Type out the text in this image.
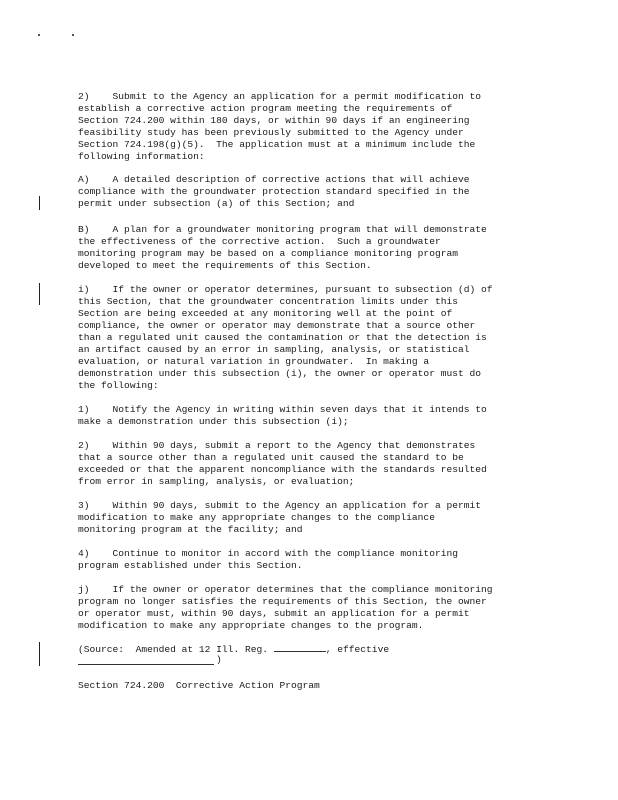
2)    Submit to the Agency an application for a permit modification to
establish a corrective action program meeting the requirements of
Section 724.200 within 180 days, or within 90 days if an engineering
feasibility study has been previously submitted to the Agency under
Section 724.198(g)(5).  The application must at a minimum include the
following information:
A)    A detailed description of corrective actions that will achieve
compliance with the groundwater protection standard specified in the
permit under subsection (a) of this Section; and
B)    A plan for a groundwater monitoring program that will demonstrate
the effectiveness of the corrective action.  Such a groundwater
monitoring program may be based on a compliance monitoring program
developed to meet the requirements of this Section.
i)    If the owner or operator determines, pursuant to subsection (d) of
this Section, that the groundwater concentration limits under this
Section are being exceeded at any monitoring well at the point of
compliance, the owner or operator may demonstrate that a source other
than a regulated unit caused the contamination or that the detection is
an artifact caused by an error in sampling, analysis, or statistical
evaluation, or natural variation in groundwater.  In making a
demonstration under this subsection (i), the owner or operator must do
the following:
1)    Notify the Agency in writing within seven days that it intends to
make a demonstration under this subsection (i);
2)    Within 90 days, submit a report to the Agency that demonstrates
that a source other than a regulated unit caused the standard to be
exceeded or that the apparent noncompliance with the standards resulted
from error in sampling, analysis, or evaluation;
3)    Within 90 days, submit to the Agency an application for a permit
modification to make any appropriate changes to the compliance
monitoring program at the facility; and
4)    Continue to monitor in accord with the compliance monitoring
program established under this Section.
j)    If the owner or operator determines that the compliance monitoring
program no longer satisfies the requirements of this Section, the owner
or operator must, within 90 days, submit an application for a permit
modification to make any appropriate changes to the program.
(Source:  Amended at 12 Ill. Reg.	, effective
)
Section 724.200  Corrective Action Program
